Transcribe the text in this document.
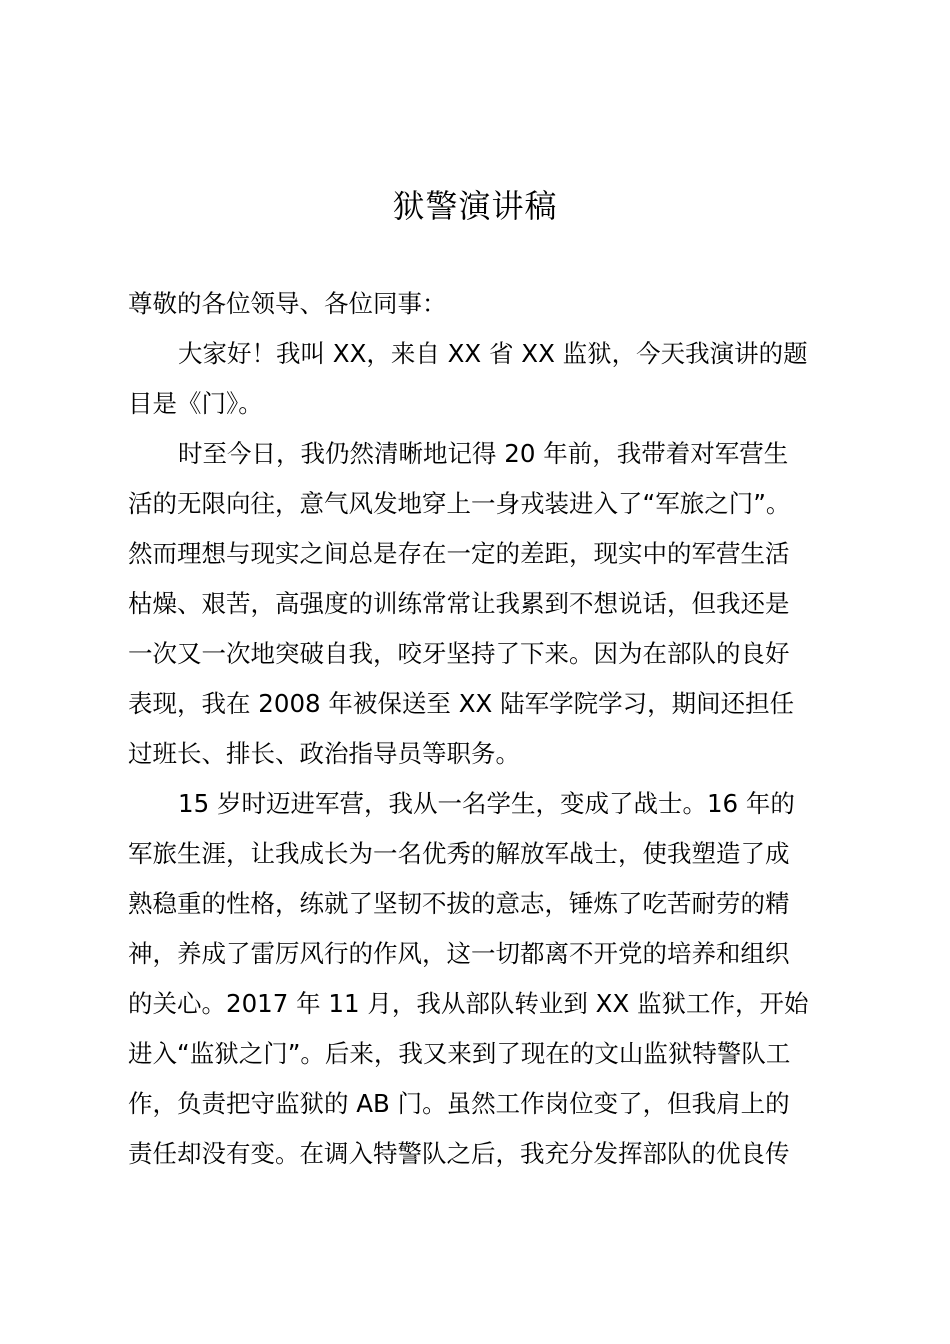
狱警演讲稿

尊敬的各位领导、各位同事：

大家好！我叫 XX，来自 XX 省 XX 监狱，今天我演讲的题
目是《门》。

时至今日，我仍然清晰地记得 20 年前，我带着对军营生
活的无限向往，意气风发地穿上一身戎装进入了“军旅之门”。
然而理想与现实之间总是存在一定的差距，现实中的军营生活
枯燥、艰苦，高强度的训练常常让我累到不想说话，但我还是
一次又一次地突破自我，咬牙坚持了下来。因为在部队的良好
表现，我在 2008 年被保送至 XX 陆军学院学习，期间还担任
过班长、排长、政治指导员等职务。

15 岁时迈进军营，我从一名学生，变成了战士。16 年的
军旅生涯，让我成长为一名优秀的解放军战士，使我塑造了成
熟稳重的性格，练就了坚韧不拔的意志，锤炼了吃苦耐劳的精
神，养成了雷厉风行的作风，这一切都离不开党的培养和组织
的关心。2017 年 11 月，我从部队转业到 XX 监狱工作，开始
进入“监狱之门”。后来，我又来到了现在的文山监狱特警队工
作，负责把守监狱的 AB 门。虽然工作岗位变了，但我肩上的
责任却没有变。在调入特警队之后，我充分发挥部队的优良传
